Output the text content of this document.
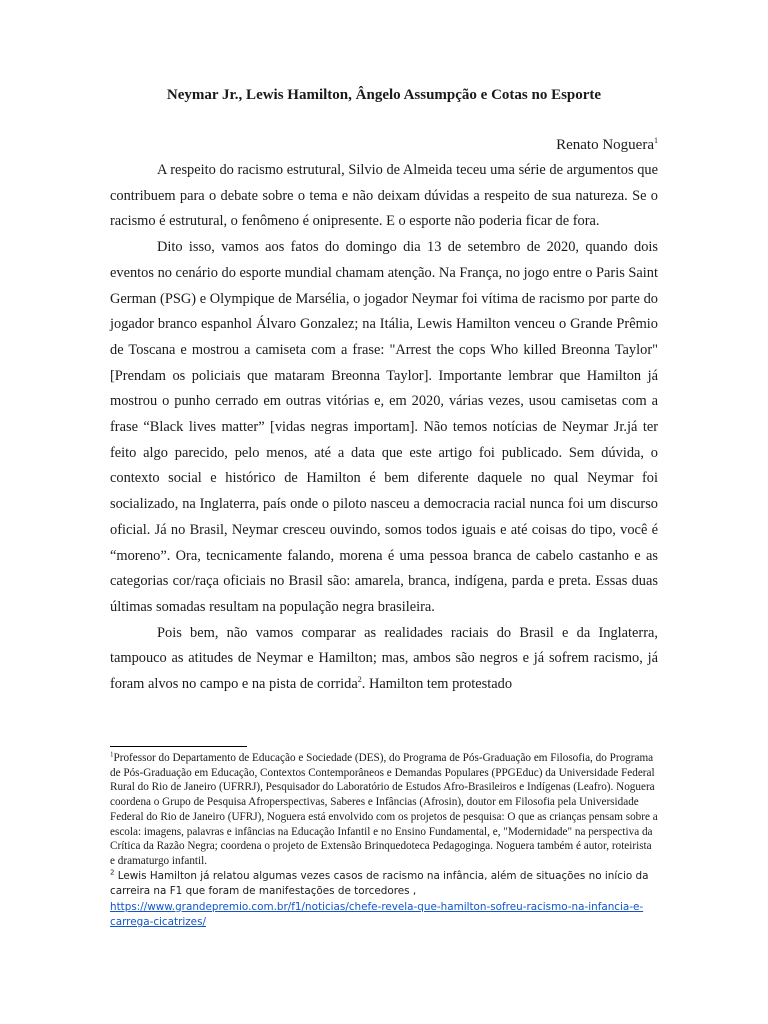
Neymar Jr., Lewis Hamilton, Ângelo Assumpção e Cotas no Esporte
Renato Noguera$^1$

A respeito do racismo estrutural, Silvio de Almeida teceu uma série de argumentos que contribuem para o debate sobre o tema e não deixam dúvidas a respeito de sua natureza. Se o racismo é estrutural, o fenômeno é onipresente. E o esporte não poderia ficar de fora.

Dito isso, vamos aos fatos do domingo dia 13 de setembro de 2020, quando dois eventos no cenário do esporte mundial chamam atenção. Na França, no jogo entre o Paris Saint German (PSG) e Olympique de Marsélia, o jogador Neymar foi vítima de racismo por parte do jogador branco espanhol Álvaro Gonzalez; na Itália, Lewis Hamilton venceu o Grande Prêmio de Toscana e mostrou a camiseta com a frase: "Arrest the cops Who killed Breonna Taylor" [Prendam os policiais que mataram Breonna Taylor]. Importante lembrar que Hamilton já mostrou o punho cerrado em outras vitórias e, em 2020, várias vezes, usou camisetas com a frase “Black lives matter” [vidas negras importam]. Não temos notícias de Neymar Jr.já ter feito algo parecido, pelo menos, até a data que este artigo foi publicado. Sem dúvida, o contexto social e histórico de Hamilton é bem diferente daquele no qual Neymar foi socializado, na Inglaterra, país onde o piloto nasceu a democracia racial nunca foi um discurso oficial. Já no Brasil, Neymar cresceu ouvindo, somos todos iguais e até coisas do tipo, você é “moreno”. Ora, tecnicamente falando, morena é uma pessoa branca de cabelo castanho e as categorias cor/raça oficiais no Brasil são: amarela, branca, indígena, parda e preta. Essas duas últimas somadas resultam na população negra brasileira.

Pois bem, não vamos comparar as realidades raciais do Brasil e da Inglaterra, tampouco as atitudes de Neymar e Hamilton; mas, ambos são negros e já sofrem racismo, já foram alvos no campo e na pista de corrida$^2$. Hamilton tem protestado

$^1$Professor do Departamento de Educação e Sociedade (DES), do Programa de Pós-Graduação em Filosofia, do Programa de Pós-Graduação em Educação, Contextos Contemporâneos e Demandas Populares (PPGEduc) da Universidade Federal Rural do Rio de Janeiro (UFRRJ), Pesquisador do Laboratório de Estudos Afro-Brasileiros e Indígenas (Leafro). Noguera coordena o Grupo de Pesquisa Afroperspectivas, Saberes e Infâncias (Afrosin), doutor em Filosofia pela Universidade Federal do Rio de Janeiro (UFRJ), Noguera está envolvido com os projetos de pesquisa: O que as crianças pensam sobre a escola: imagens, palavras e infâncias na Educação Infantil e no Ensino Fundamental, e, "Modernidade" na perspectiva da Crítica da Razão Negra; coordena o projeto de Extensão Brinquedoteca Pedagoginga. Noguera também é autor, roteirista e dramaturgo infantil.

$^2$ Lewis Hamilton já relatou algumas vezes casos de racismo na infância, além de situações no início da carreira na F1 que foram de manifestações de torcedores , https://www.grandepremio.com.br/f1/noticias/chefe-revela-que-hamilton-sofreu-racismo-na-infancia-e-carrega-cicatrizes/
